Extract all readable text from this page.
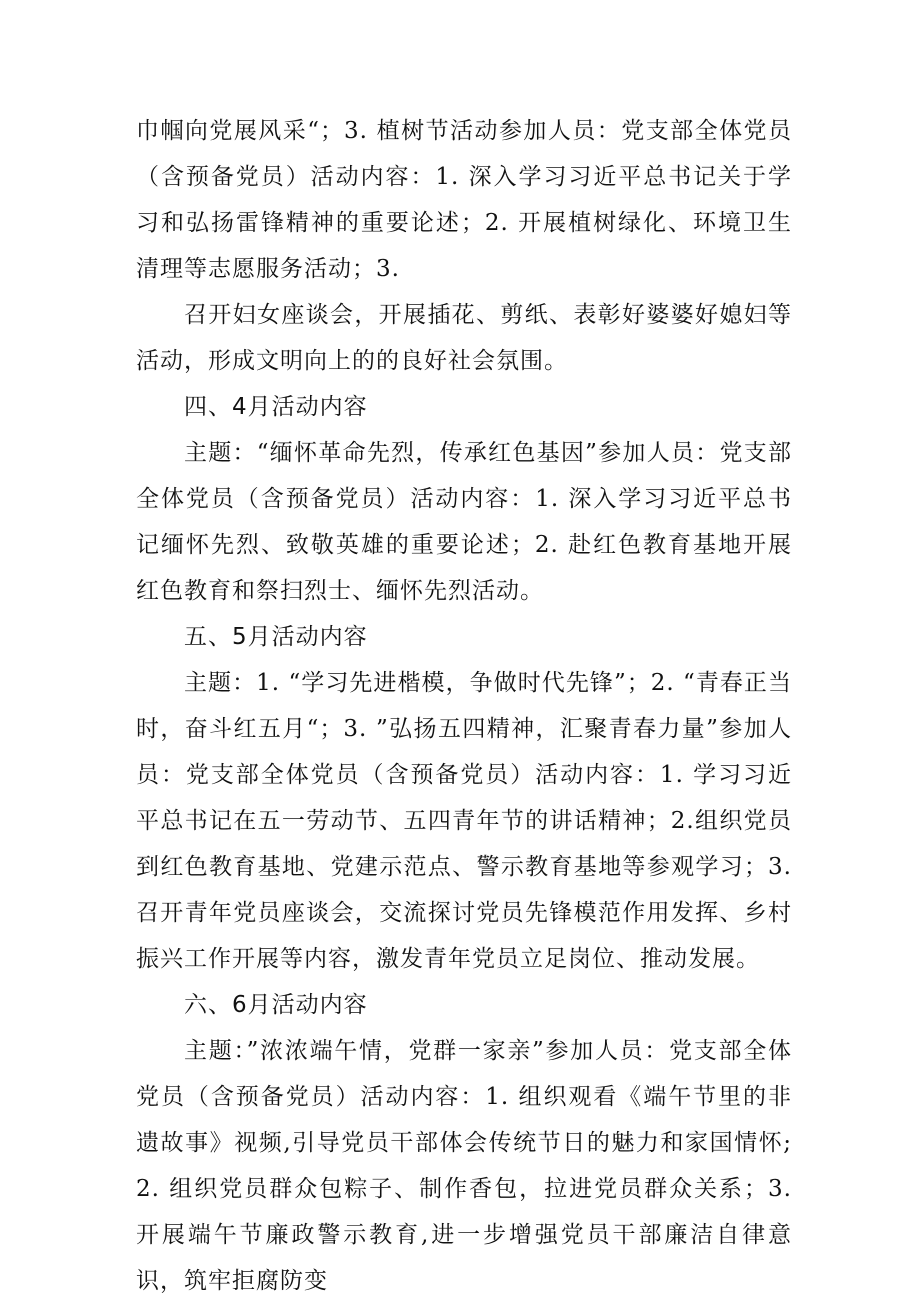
巾帼向党展风采“；3. 植树节活动参加人员：党支部全体党员（含预备党员）活动内容：1. 深入学习习近平总书记关于学习和弘扬雷锋精神的重要论述；2. 开展植树绿化、环境卫生清理等志愿服务活动；3.

召开妇女座谈会，开展插花、剪纸、表彰好婆婆好媳妇等活动，形成文明向上的的良好社会氛围。

四、4月活动内容

主题：“缅怀革命先烈，传承红色基因”参加人员：党支部全体党员（含预备党员）活动内容：1. 深入学习习近平总书记缅怀先烈、致敬英雄的重要论述；2. 赴红色教育基地开展红色教育和祭扫烈士、缅怀先烈活动。

五、5月活动内容

主题：1. “学习先进楷模，争做时代先锋”；2. “青春正当时，奋斗红五月“；3. ”弘扬五四精神，汇聚青春力量”参加人员：党支部全体党员（含预备党员）活动内容：1. 学习习近平总书记在五一劳动节、五四青年节的讲话精神；2.组织党员到红色教育基地、党建示范点、警示教育基地等参观学习；3. 召开青年党员座谈会，交流探讨党员先锋模范作用发挥、乡村振兴工作开展等内容，激发青年党员立足岗位、推动发展。

六、6月活动内容

主题：”浓浓端午情，党群一家亲”参加人员：党支部全体党员（含预备党员）活动内容：1. 组织观看《端午节里的非遗故事》视频,引导党员干部体会传统节日的魅力和家国情怀; 2. 组织党员群众包粽子、制作香包，拉进党员群众关系；3. 开展端午节廉政警示教育,进一步增强党员干部廉洁自律意识，筑牢拒腐防变
